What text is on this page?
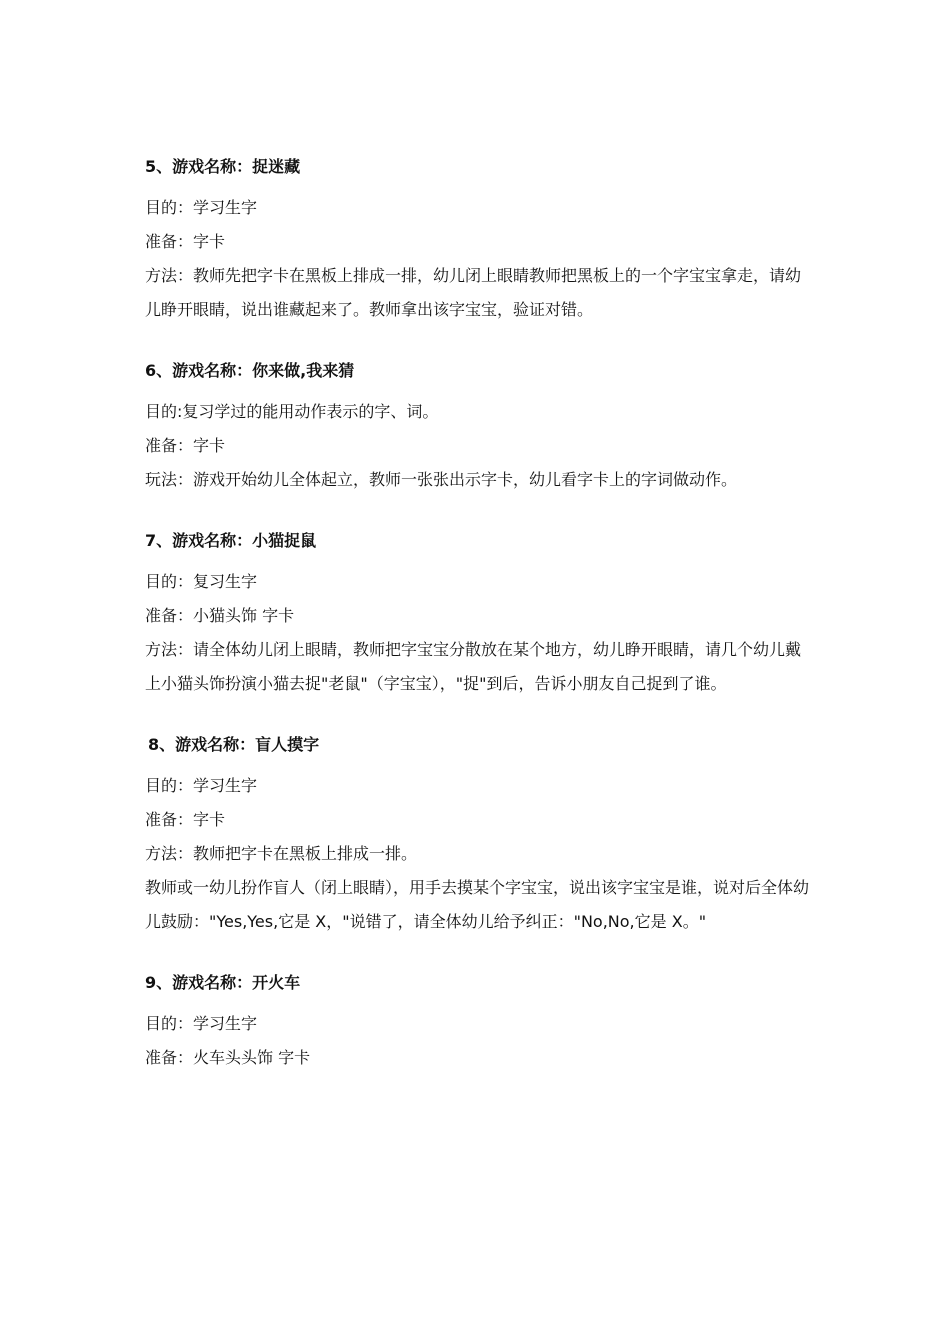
5、游戏名称：捉迷藏

目的：学习生字

准备：字卡

方法：教师先把字卡在黑板上排成一排，幼儿闭上眼睛教师把黑板上的一个字宝宝拿走，请幼儿睁开眼睛，说出谁藏起来了。教师拿出该字宝宝，验证对错。

6、游戏名称：你来做,我来猜

目的:复习学过的能用动作表示的字、词。

准备：字卡

玩法：游戏开始幼儿全体起立，教师一张张出示字卡，幼儿看字卡上的字词做动作。

7、游戏名称：小猫捉鼠

目的：复习生字

准备：小猫头饰 字卡

方法：请全体幼儿闭上眼睛，教师把字宝宝分散放在某个地方，幼儿睁开眼睛，请几个幼儿戴上小猫头饰扮演小猫去捉"老鼠"（字宝宝），"捉"到后，告诉小朋友自己捉到了谁。

8、游戏名称：盲人摸字

目的：学习生字

准备：字卡

方法：教师把字卡在黑板上排成一排。

教师或一幼儿扮作盲人（闭上眼睛），用手去摸某个字宝宝，说出该字宝宝是谁，说对后全体幼儿鼓励："Yes,Yes,它是 X，"说错了，请全体幼儿给予纠正："No,No,它是 X。"

9、游戏名称：开火车

目的：学习生字

准备：火车头头饰 字卡
